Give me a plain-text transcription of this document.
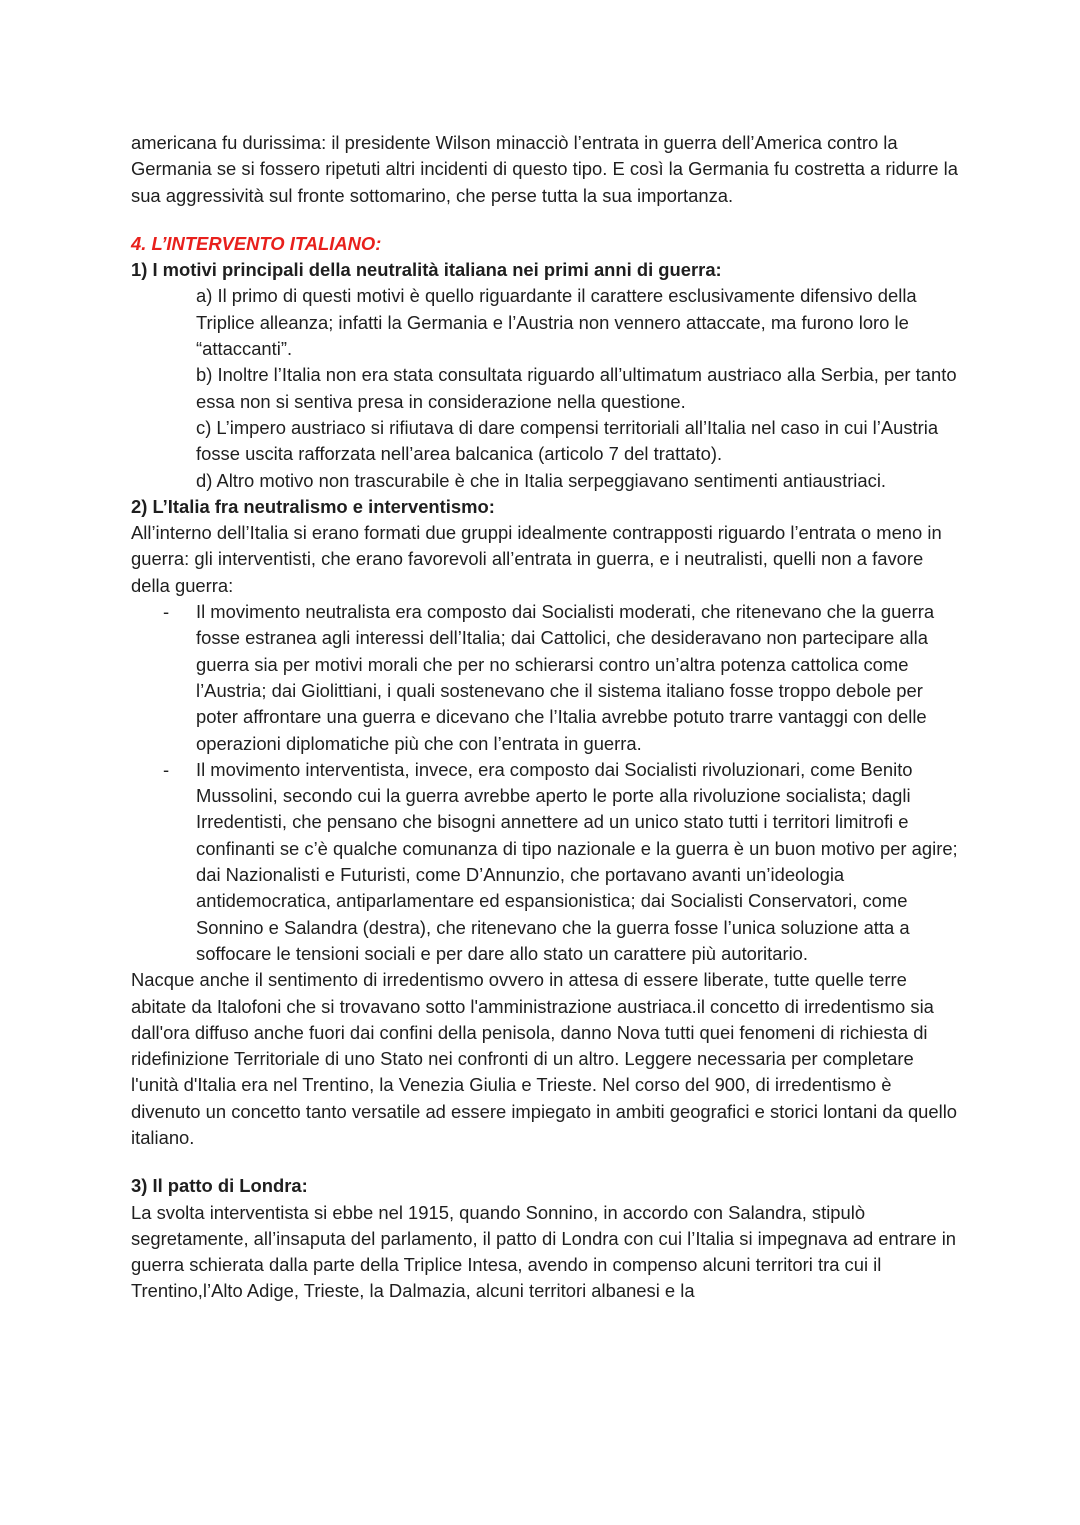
americana fu durissima: il presidente Wilson minacciò l’entrata in guerra dell’America contro la Germania se si fossero ripetuti altri incidenti di questo tipo. E così la Germania fu costretta a ridurre la sua aggressività sul fronte sottomarino, che perse tutta la sua importanza.

4. L’INTERVENTO ITALIANO:

1) I motivi principali della neutralità italiana nei primi anni di guerra:

a) Il primo di questi motivi è quello riguardante il carattere esclusivamente difensivo della Triplice alleanza; infatti la Germania e l’Austria non vennero attaccate, ma furono loro le “attaccanti”.

b) Inoltre l’Italia non era stata consultata riguardo all’ultimatum austriaco alla Serbia, per tanto essa non si sentiva presa in considerazione nella questione.

c) L’impero austriaco si rifiutava di dare compensi territoriali all’Italia nel caso in cui l’Austria fosse uscita rafforzata nell’area balcanica (articolo 7 del trattato).

d) Altro motivo non trascurabile è che in Italia serpeggiavano sentimenti antiaustriaci.

2) L’Italia fra neutralismo e interventismo:

All’interno dell’Italia si erano formati due gruppi idealmente contrapposti riguardo l’entrata o meno in guerra: gli interventisti, che erano favorevoli all’entrata in guerra, e i neutralisti, quelli non a favore della guerra:

- Il movimento neutralista era composto dai Socialisti moderati, che ritenevano che la guerra fosse estranea agli interessi dell’Italia; dai Cattolici, che desideravano non partecipare alla guerra sia per motivi morali che per no schierarsi contro un’altra potenza cattolica come l’Austria; dai Giolittiani, i quali sostenevano che il sistema italiano fosse troppo debole per poter affrontare una guerra e dicevano che l’Italia avrebbe potuto trarre vantaggi con delle operazioni diplomatiche più che con l’entrata in guerra.
- Il movimento interventista, invece, era composto dai Socialisti rivoluzionari, come Benito Mussolini, secondo cui la guerra avrebbe aperto le porte alla rivoluzione socialista; dagli Irredentisti, che pensano che bisogni annettere ad un unico stato tutti i territori limitrofi e confinanti se c’è qualche comunanza di tipo nazionale e la guerra è un buon motivo per agire; dai Nazionalisti e Futuristi, come D’Annunzio, che portavano avanti un’ideologia antidemocratica, antiparlamentare ed espansionistica; dai Socialisti Conservatori, come Sonnino e Salandra (destra), che ritenevano che la guerra fosse l’unica soluzione atta a soffocare le tensioni sociali e per dare allo stato un carattere più autoritario.

Nacque anche il sentimento di irredentismo ovvero in attesa di essere liberate, tutte quelle terre abitate da Italofoni che si trovavano sotto l'amministrazione austriaca.il concetto di irredentismo sia dall'ora diffuso anche fuori dai confini della penisola, danno Nova tutti quei fenomeni di richiesta di ridefinizione Territoriale di uno Stato nei confronti di un altro. Leggere necessaria per completare l'unità d'Italia era nel Trentino, la Venezia Giulia e Trieste. Nel corso del 900, di irredentismo è divenuto un concetto tanto versatile ad essere impiegato in ambiti geografici e storici lontani da quello italiano.

3) Il patto di Londra:

La svolta interventista si ebbe nel 1915, quando Sonnino, in accordo con Salandra, stipulò segretamente, all’insaputa del parlamento, il patto di Londra con cui l’Italia si impegnava ad entrare in guerra schierata dalla parte della Triplice Intesa, avendo in compenso alcuni territori tra cui il Trentino,l’Alto Adige, Trieste, la Dalmazia, alcuni territori albanesi e la
